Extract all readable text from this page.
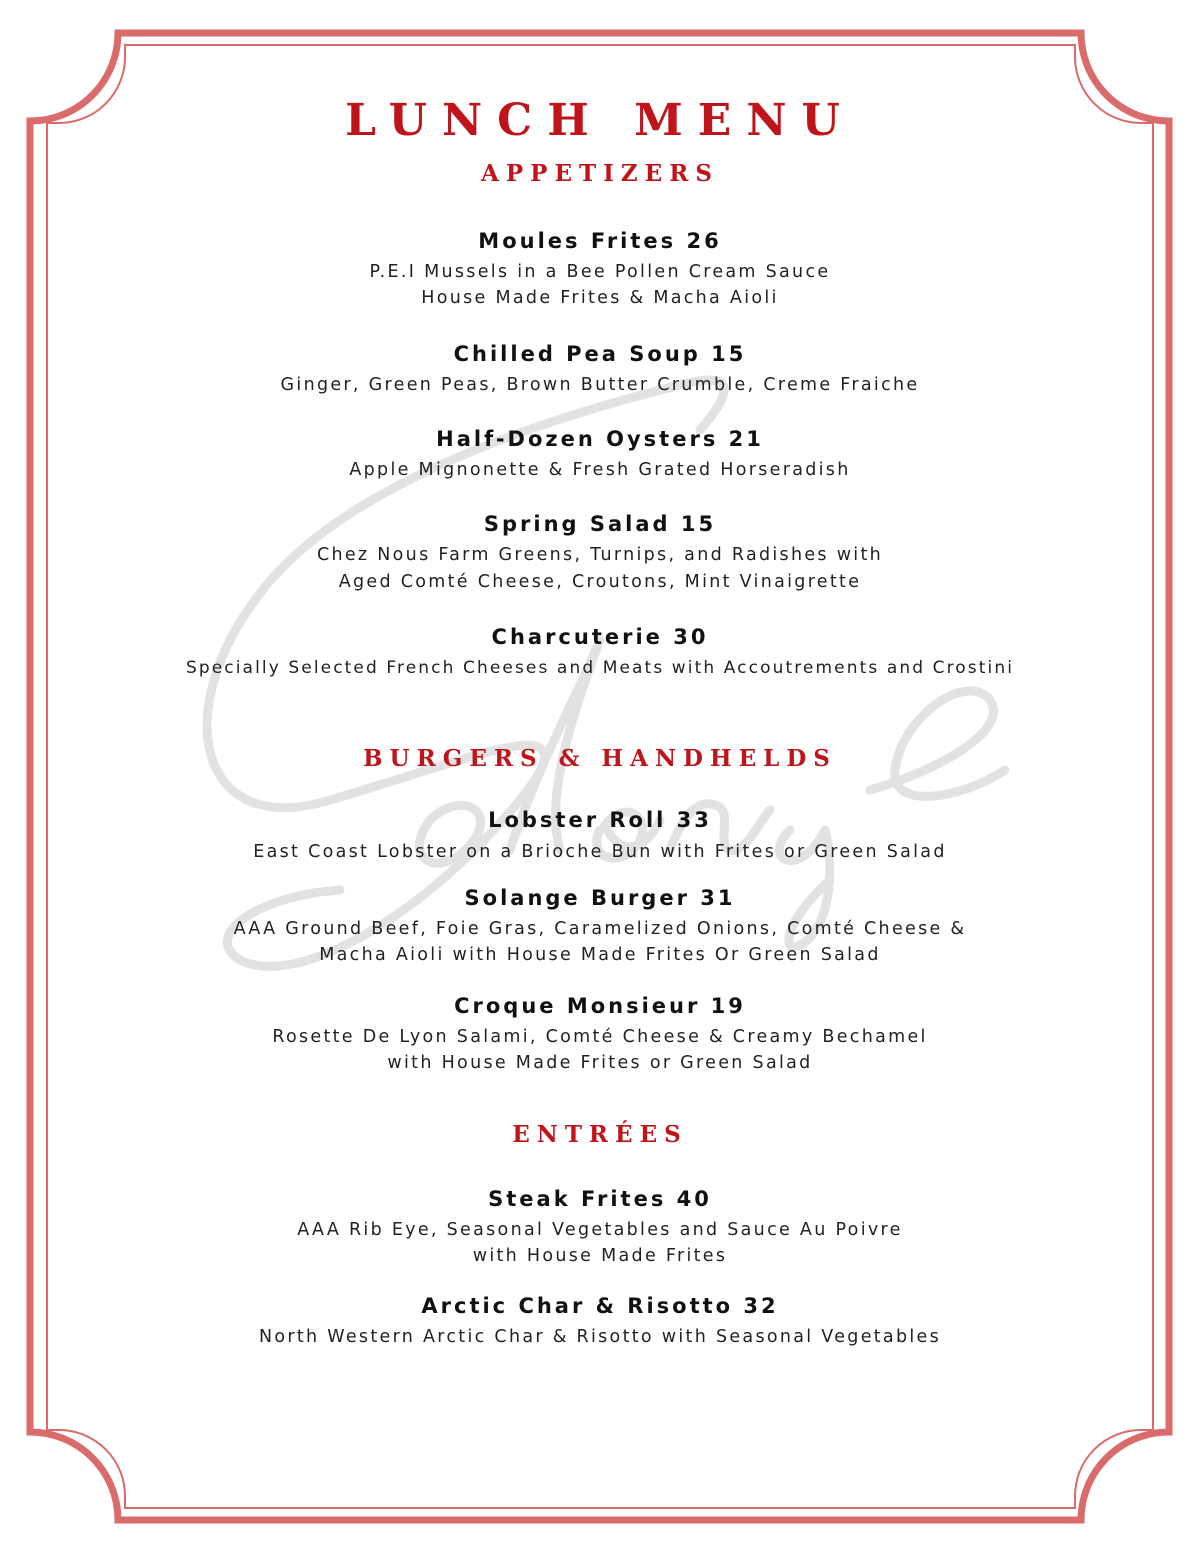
LUNCH MENU
APPETIZERS
Moules Frites 26
P.E.I Mussels in a Bee Pollen Cream Sauce
House Made Frites & Macha Aioli
Chilled Pea Soup 15
Ginger, Green Peas, Brown Butter Crumble, Creme Fraiche
Half-Dozen Oysters 21
Apple Mignonette & Fresh Grated Horseradish
Spring Salad 15
Chez Nous Farm Greens, Turnips, and Radishes with
Aged Comté Cheese, Croutons, Mint Vinaigrette
Charcuterie 30
Specially Selected French Cheeses and Meats with Accoutrements and Crostini
BURGERS & HANDHELDS
Lobster Roll 33
East Coast Lobster on a Brioche Bun with Frites or Green Salad
Solange Burger 31
AAA Ground Beef, Foie Gras, Caramelized Onions, Comté Cheese &
Macha Aioli with House Made Frites Or Green Salad
Croque Monsieur 19
Rosette De Lyon Salami, Comté Cheese & Creamy Bechamel
with House Made Frites or Green Salad
ENTRÉES
Steak Frites 40
AAA Rib Eye, Seasonal Vegetables and Sauce Au Poivre
with House Made Frites
Arctic Char & Risotto 32
North Western Arctic Char & Risotto with Seasonal Vegetables
